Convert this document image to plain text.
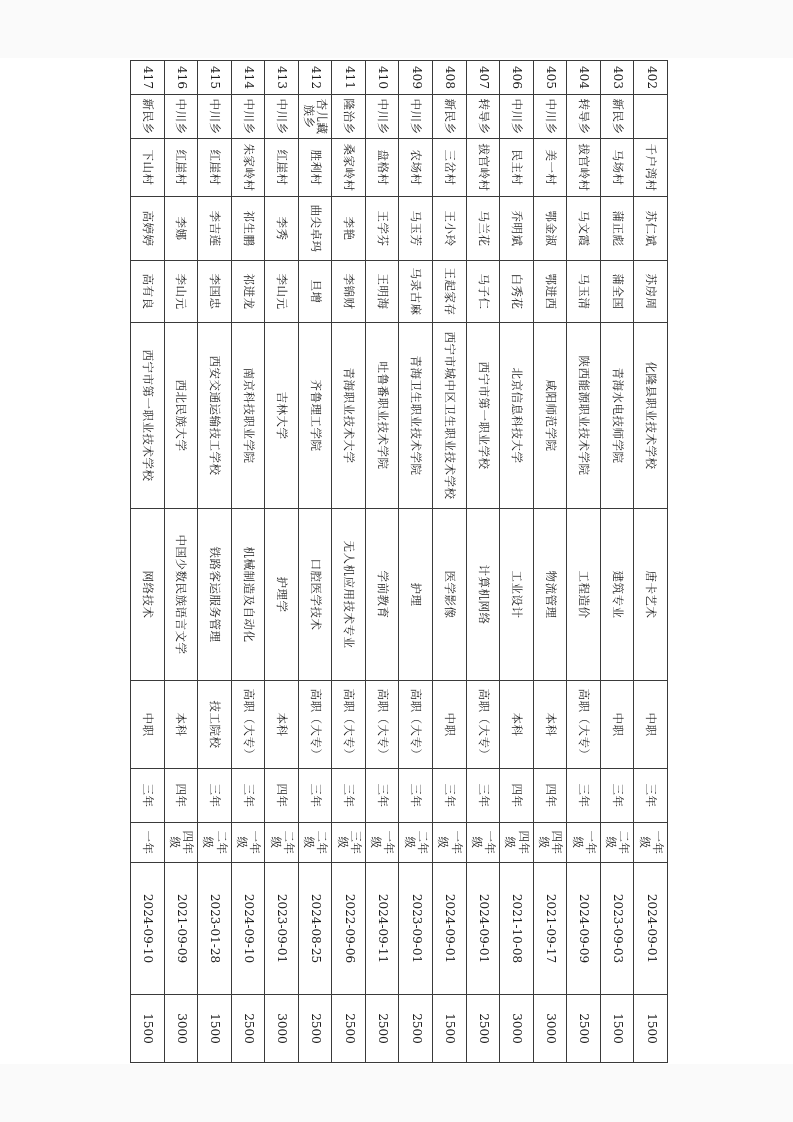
402		千户湾村	苏仁斌	苏房周	化隆县职业技术学校	唐卡艺术	中职	三年	一年级	2024-09-01	1500
403	新民乡	马场村	蒲正彪	蒲全国	青海水电技师学院	建筑专业	中职	三年	二年级	2023-09-03	1500
404	转导乡	拔官岭村	马文霞	马玉清	陕西能源职业技术学院	工程造价	高职（大专）	三年	一年级	2024-09-09	2500
405	中川乡	美一村	鄂金淑	鄂进西	咸阳师范学院	物流管理	本科	四年	四年级	2021-09-17	3000
406	中川乡	民主村	乔明斌	白秀花	北京信息科技大学	工业设计	本科	四年	四年级	2021-10-08	3000
407	转导乡	拔官岭村	马兰花	马子仁	西宁市第一职业学校	计算机网络	高职（大专）	三年	一年级	2024-09-01	2500
408	新民乡	三岔村	王小玲	王起家存	西宁市城中区卫生职业技术学校	医学影像	中职	三年	一年级	2024-09-01	1500
409	中川乡	农场村	马玉芳	马录古麻	青海卫生职业技术学院	护理	高职（大专）	三年	二年级	2023-09-01	2500
410	中川乡	盘格村	王学芬	王明海	吐鲁番职业技术学院	学前教育	高职（大专）	三年	一年级	2024-09-11	2500
411	隆治乡	桑家岭村	李艳	李锦财	青海职业技术大学	无人机应用技术专业	高职（大专）	三年	三年级	2022-09-06	2500
412	杏儿藏族乡	胜利村	曲尖卓玛	旦增	齐鲁理工学院	口腔医学技术	高职（大专）	三年	二年级	2024-08-25	2500
413	中川乡	红崖村	李秀	李山元	吉林大学	护理学	本科	四年	二年级	2023-09-01	3000
414	中川乡	朱家岭村	祁生鹏	祁进龙	南京科技职业学院	机械制造及自动化	高职（大专）	三年	一年级	2024-09-10	2500
415	中川乡	红崖村	李吉莲	李国忠	西安交通运输技工学校	铁路客运服务管理	技工院校	三年	二年级	2023-01-28	1500
416	中川乡	红崖村	李娜	李山元	西北民族大学	中国少数民族语言文学	本科	四年	四年级	2021-09-09	3000
417	新民乡	下山村	高婷婷	高有良	西宁市第一职业技术学校	网络技术	中职	三年	一年	2024-09-10	1500
